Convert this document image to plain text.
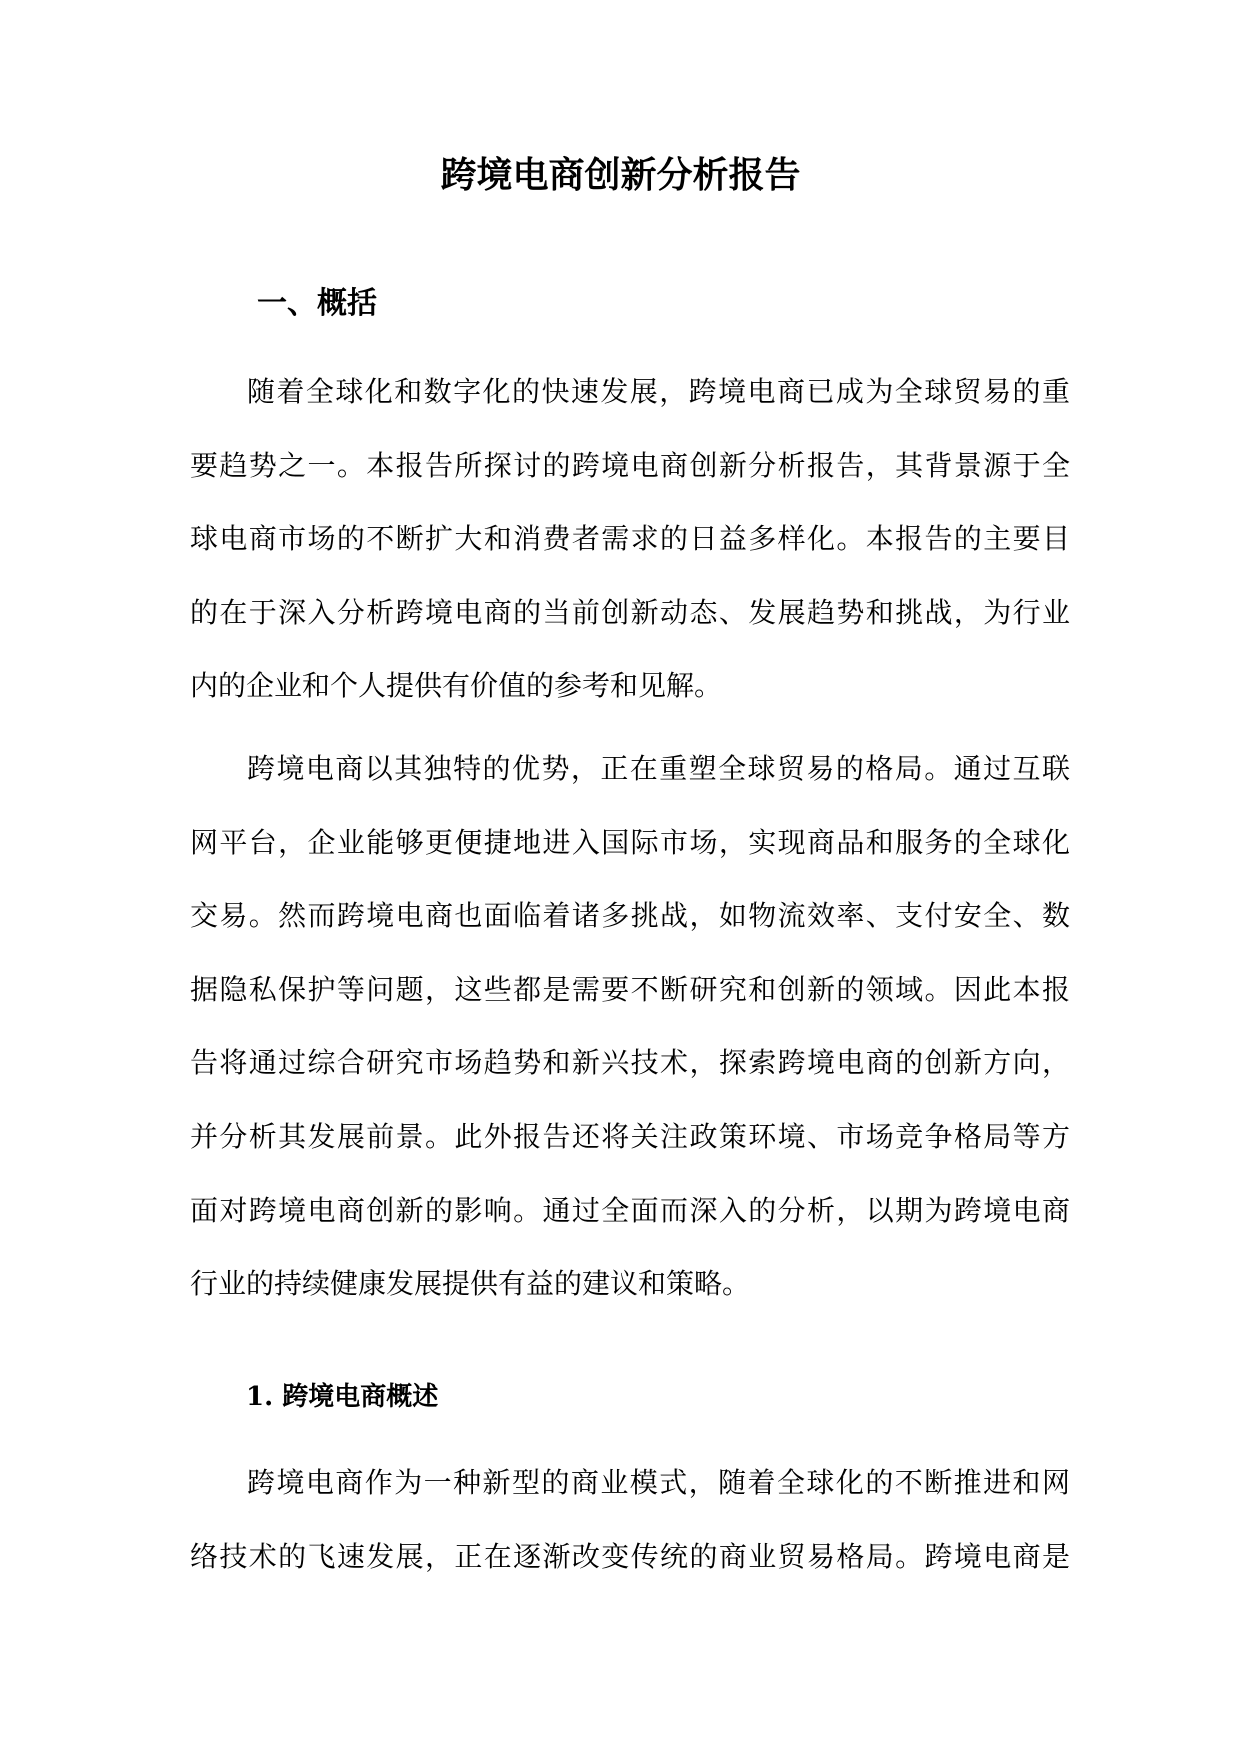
跨境电商创新分析报告
一、概括
随着全球化和数字化的快速发展，跨境电商已成为全球贸易的重
要趋势之一。本报告所探讨的跨境电商创新分析报告，其背景源于全
球电商市场的不断扩大和消费者需求的日益多样化。本报告的主要目
的在于深入分析跨境电商的当前创新动态、发展趋势和挑战，为行业
内的企业和个人提供有价值的参考和见解。
跨境电商以其独特的优势，正在重塑全球贸易的格局。通过互联
网平台，企业能够更便捷地进入国际市场，实现商品和服务的全球化
交易。然而跨境电商也面临着诸多挑战，如物流效率、支付安全、数
据隐私保护等问题，这些都是需要不断研究和创新的领域。因此本报
告将通过综合研究市场趋势和新兴技术，探索跨境电商的创新方向，
并分析其发展前景。此外报告还将关注政策环境、市场竞争格局等方
面对跨境电商创新的影响。通过全面而深入的分析，以期为跨境电商
行业的持续健康发展提供有益的建议和策略。
1. 跨境电商概述
跨境电商作为一种新型的商业模式，随着全球化的不断推进和网
络技术的飞速发展，正在逐渐改变传统的商业贸易格局。跨境电商是
